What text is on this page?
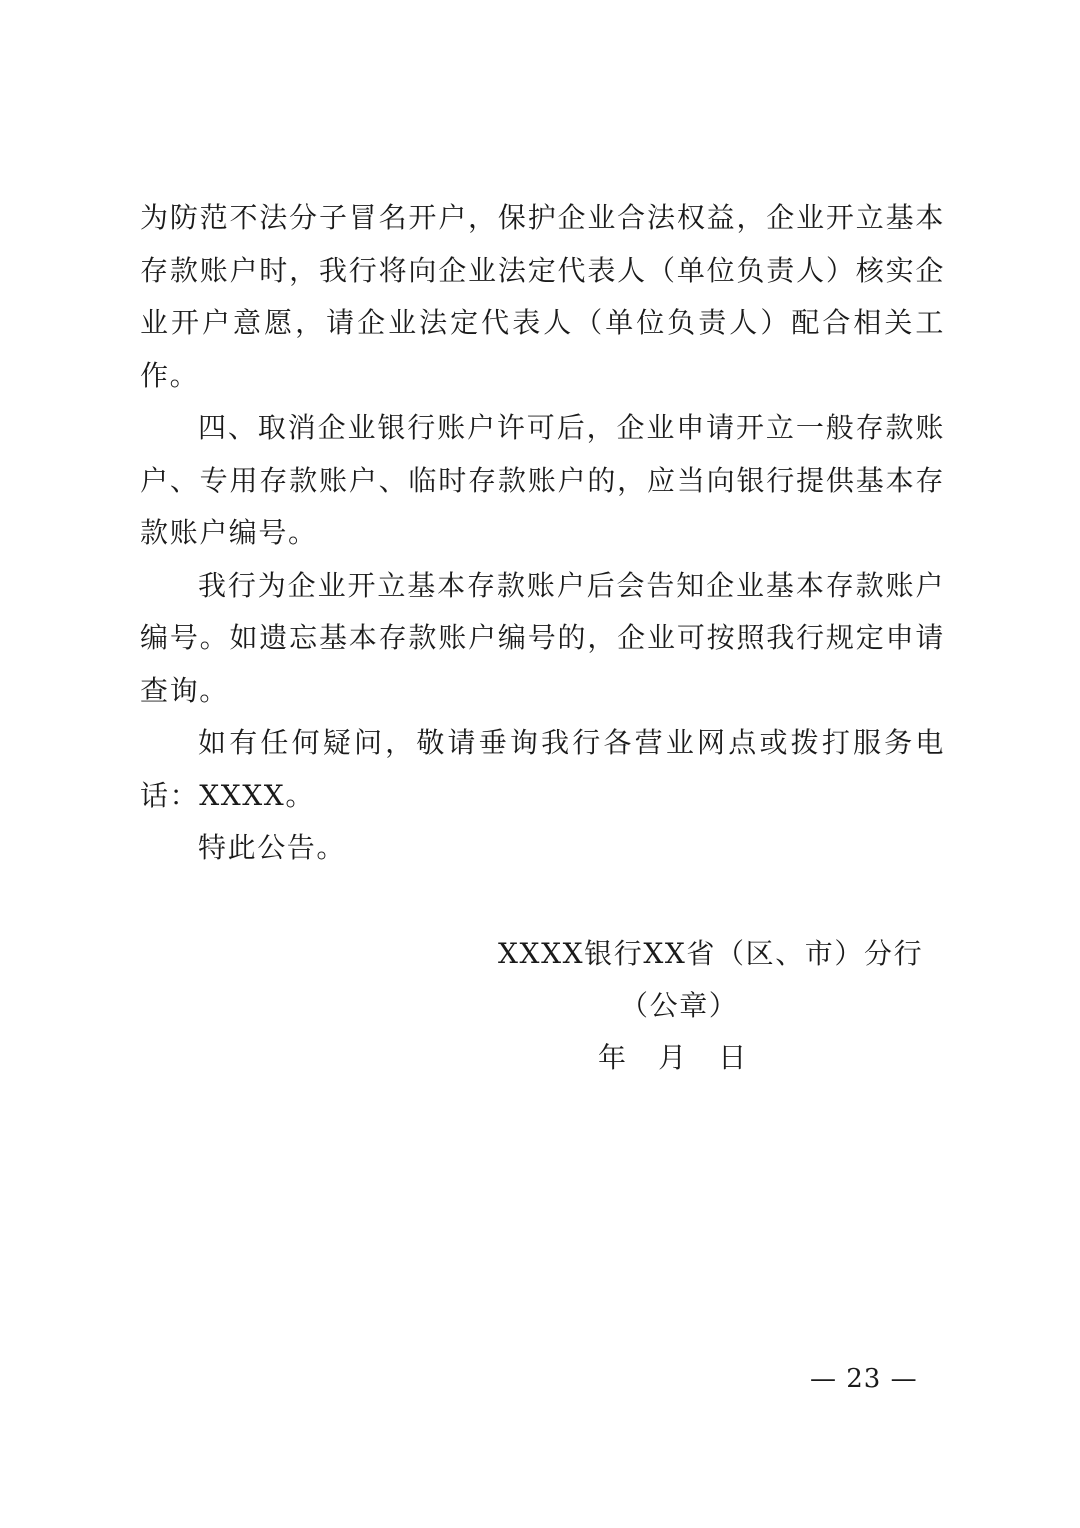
为防范不法分子冒名开户，保护企业合法权益，企业开立基本存款账户时，我行将向企业法定代表人（单位负责人）核实企业开户意愿，请企业法定代表人（单位负责人）配合相关工作。

四、取消企业银行账户许可后，企业申请开立一般存款账户、专用存款账户、临时存款账户的，应当向银行提供基本存款账户编号。

我行为企业开立基本存款账户后会告知企业基本存款账户编号。如遗忘基本存款账户编号的，企业可按照我行规定申请查询。

如有任何疑问，敬请垂询我行各营业网点或拨打服务电话：XXXX。

特此公告。

XXXX银行XX省（区、市）分行
（公章）
年 月 日
— 23 —
